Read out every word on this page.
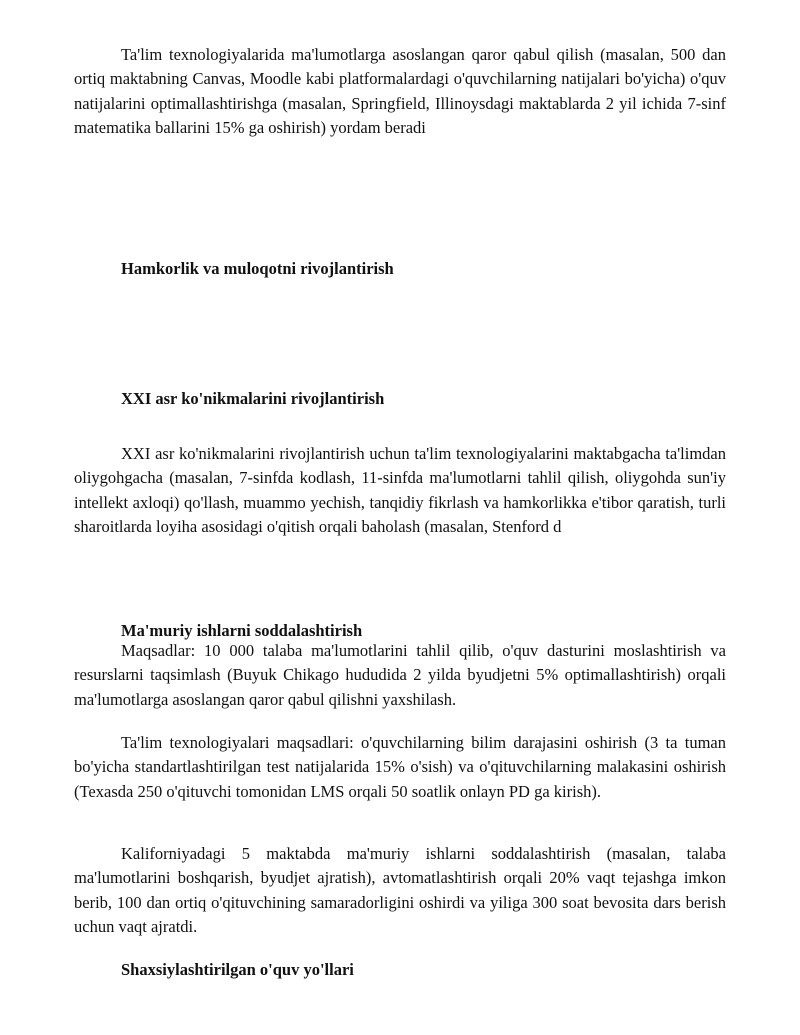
Ta'lim texnologiyalarida ma'lumotlarga asoslangan qaror qabul qilish (masalan, 500 dan ortiq maktabning Canvas, Moodle kabi platformalardagi o'quvchilarning natijalari bo'yicha) o'quv natijalarini optimallashtirishga (masalan, Springfield, Illinoysdagi maktablarda 2 yil ichida 7-sinf matematika ballarini 15% ga oshirish) yordam beradi

Hamkorlik va muloqotni rivojlantirish

XXI asr ko'nikmalarini rivojlantirish

XXI asr ko'nikmalarini rivojlantirish uchun ta'lim texnologiyalarini maktabgacha ta'limdan oliygohgacha (masalan, 7-sinfda kodlash, 11-sinfda ma'lumotlarni tahlil qilish, oliygohda sun'iy intellekt axloqi) qo'llash, muammo yechish, tanqidiy fikrlash va hamkorlikka e'tibor qaratish, turli sharoitlarda loyiha asosidagi o'qitish orqali baholash (masalan, Stenford d

Ma'muriy ishlarni soddalashtirish

Maqsadlar: 10 000 talaba ma'lumotlarini tahlil qilib, o'quv dasturini moslashtirish va resurslarni taqsimlash (Buyuk Chikago hududida 2 yilda byudjetni 5% optimallashtirish) orqali ma'lumotlarga asoslangan qaror qabul qilishni yaxshilash.

Ta'lim texnologiyalari maqsadlari: o'quvchilarning bilim darajasini oshirish (3 ta tuman bo'yicha standartlashtirilgan test natijalarida 15% o'sish) va o'qituvchilarning malakasini oshirish (Texasda 250 o'qituvchi tomonidan LMS orqali 50 soatlik onlayn PD ga kirish).

Kaliforniyadagi 5 maktabda ma'muriy ishlarni soddalashtirish (masalan, talaba ma'lumotlarini boshqarish, byudjet ajratish), avtomatlashtirish orqali 20% vaqt tejashga imkon berib, 100 dan ortiq o'qituvchining samaradorligini oshirdi va yiliga 300 soat bevosita dars berish uchun vaqt ajratdi.

Shaxsiylashtirilgan o'quv yo'llari
